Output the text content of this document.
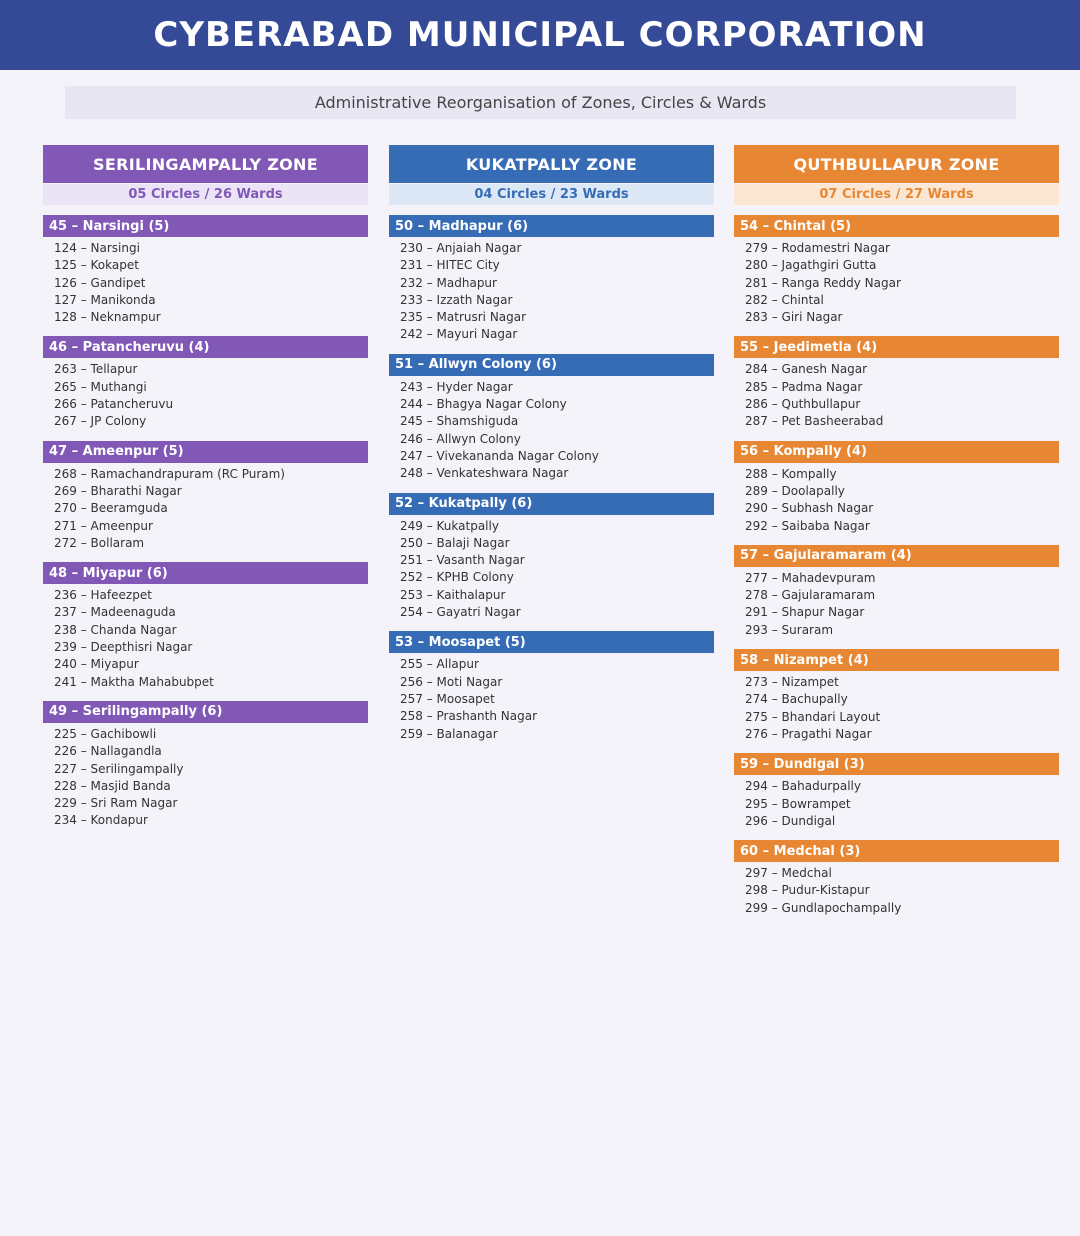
CYBERABAD MUNICIPAL CORPORATION
Administrative Reorganisation of Zones, Circles & Wards
SERILINGAMPALLY ZONE
05 Circles / 26 Wards
45 – Narsingi (5)
124 – Narsingi
125 – Kokapet
126 – Gandipet
127 – Manikonda
128 – Neknampur
46 – Patancheruvu (4)
263 – Tellapur
265 – Muthangi
266 – Patancheruvu
267 – JP Colony
47 – Ameenpur (5)
268 – Ramachandrapuram (RC Puram)
269 – Bharathi Nagar
270 – Beeramguda
271 – Ameenpur
272 – Bollaram
48 – Miyapur (6)
236 – Hafeezpet
237 – Madeenaguda
238 – Chanda Nagar
239 – Deepthisri Nagar
240 – Miyapur
241 – Maktha Mahabubpet
49 – Serilingampally (6)
225 – Gachibowli
226 – Nallagandla
227 – Serilingampally
228 – Masjid Banda
229 – Sri Ram Nagar
234 – Kondapur
KUKATPALLY ZONE
04 Circles / 23 Wards
50 – Madhapur (6)
230 – Anjaiah Nagar
231 – HITEC City
232 – Madhapur
233 – Izzath Nagar
235 – Matrusri Nagar
242 – Mayuri Nagar
51 – Allwyn Colony (6)
243 – Hyder Nagar
244 – Bhagya Nagar Colony
245 – Shamshiguda
246 – Allwyn Colony
247 – Vivekananda Nagar Colony
248 – Venkateshwara Nagar
52 – Kukatpally (6)
249 – Kukatpally
250 – Balaji Nagar
251 – Vasanth Nagar
252 – KPHB Colony
253 – Kaithalapur
254 – Gayatri Nagar
53 – Moosapet (5)
255 – Allapur
256 – Moti Nagar
257 – Moosapet
258 – Prashanth Nagar
259 – Balanagar
QUTHBULLAPUR ZONE
07 Circles / 27 Wards
54 – Chintal (5)
279 – Rodamestri Nagar
280 – Jagathgiri Gutta
281 – Ranga Reddy Nagar
282 – Chintal
283 – Giri Nagar
55 – Jeedimetla (4)
284 – Ganesh Nagar
285 – Padma Nagar
286 – Quthbullapur
287 – Pet Basheerabad
56 – Kompally (4)
288 – Kompally
289 – Doolapally
290 – Subhash Nagar
292 – Saibaba Nagar
57 – Gajularamaram (4)
277 – Mahadevpuram
278 – Gajularamaram
291 – Shapur Nagar
293 – Suraram
58 – Nizampet (4)
273 – Nizampet
274 – Bachupally
275 – Bhandari Layout
276 – Pragathi Nagar
59 – Dundigal (3)
294 – Bahadurpally
295 – Bowrampet
296 – Dundigal
60 – Medchal (3)
297 – Medchal
298 – Pudur-Kistapur
299 – Gundlapochampally
